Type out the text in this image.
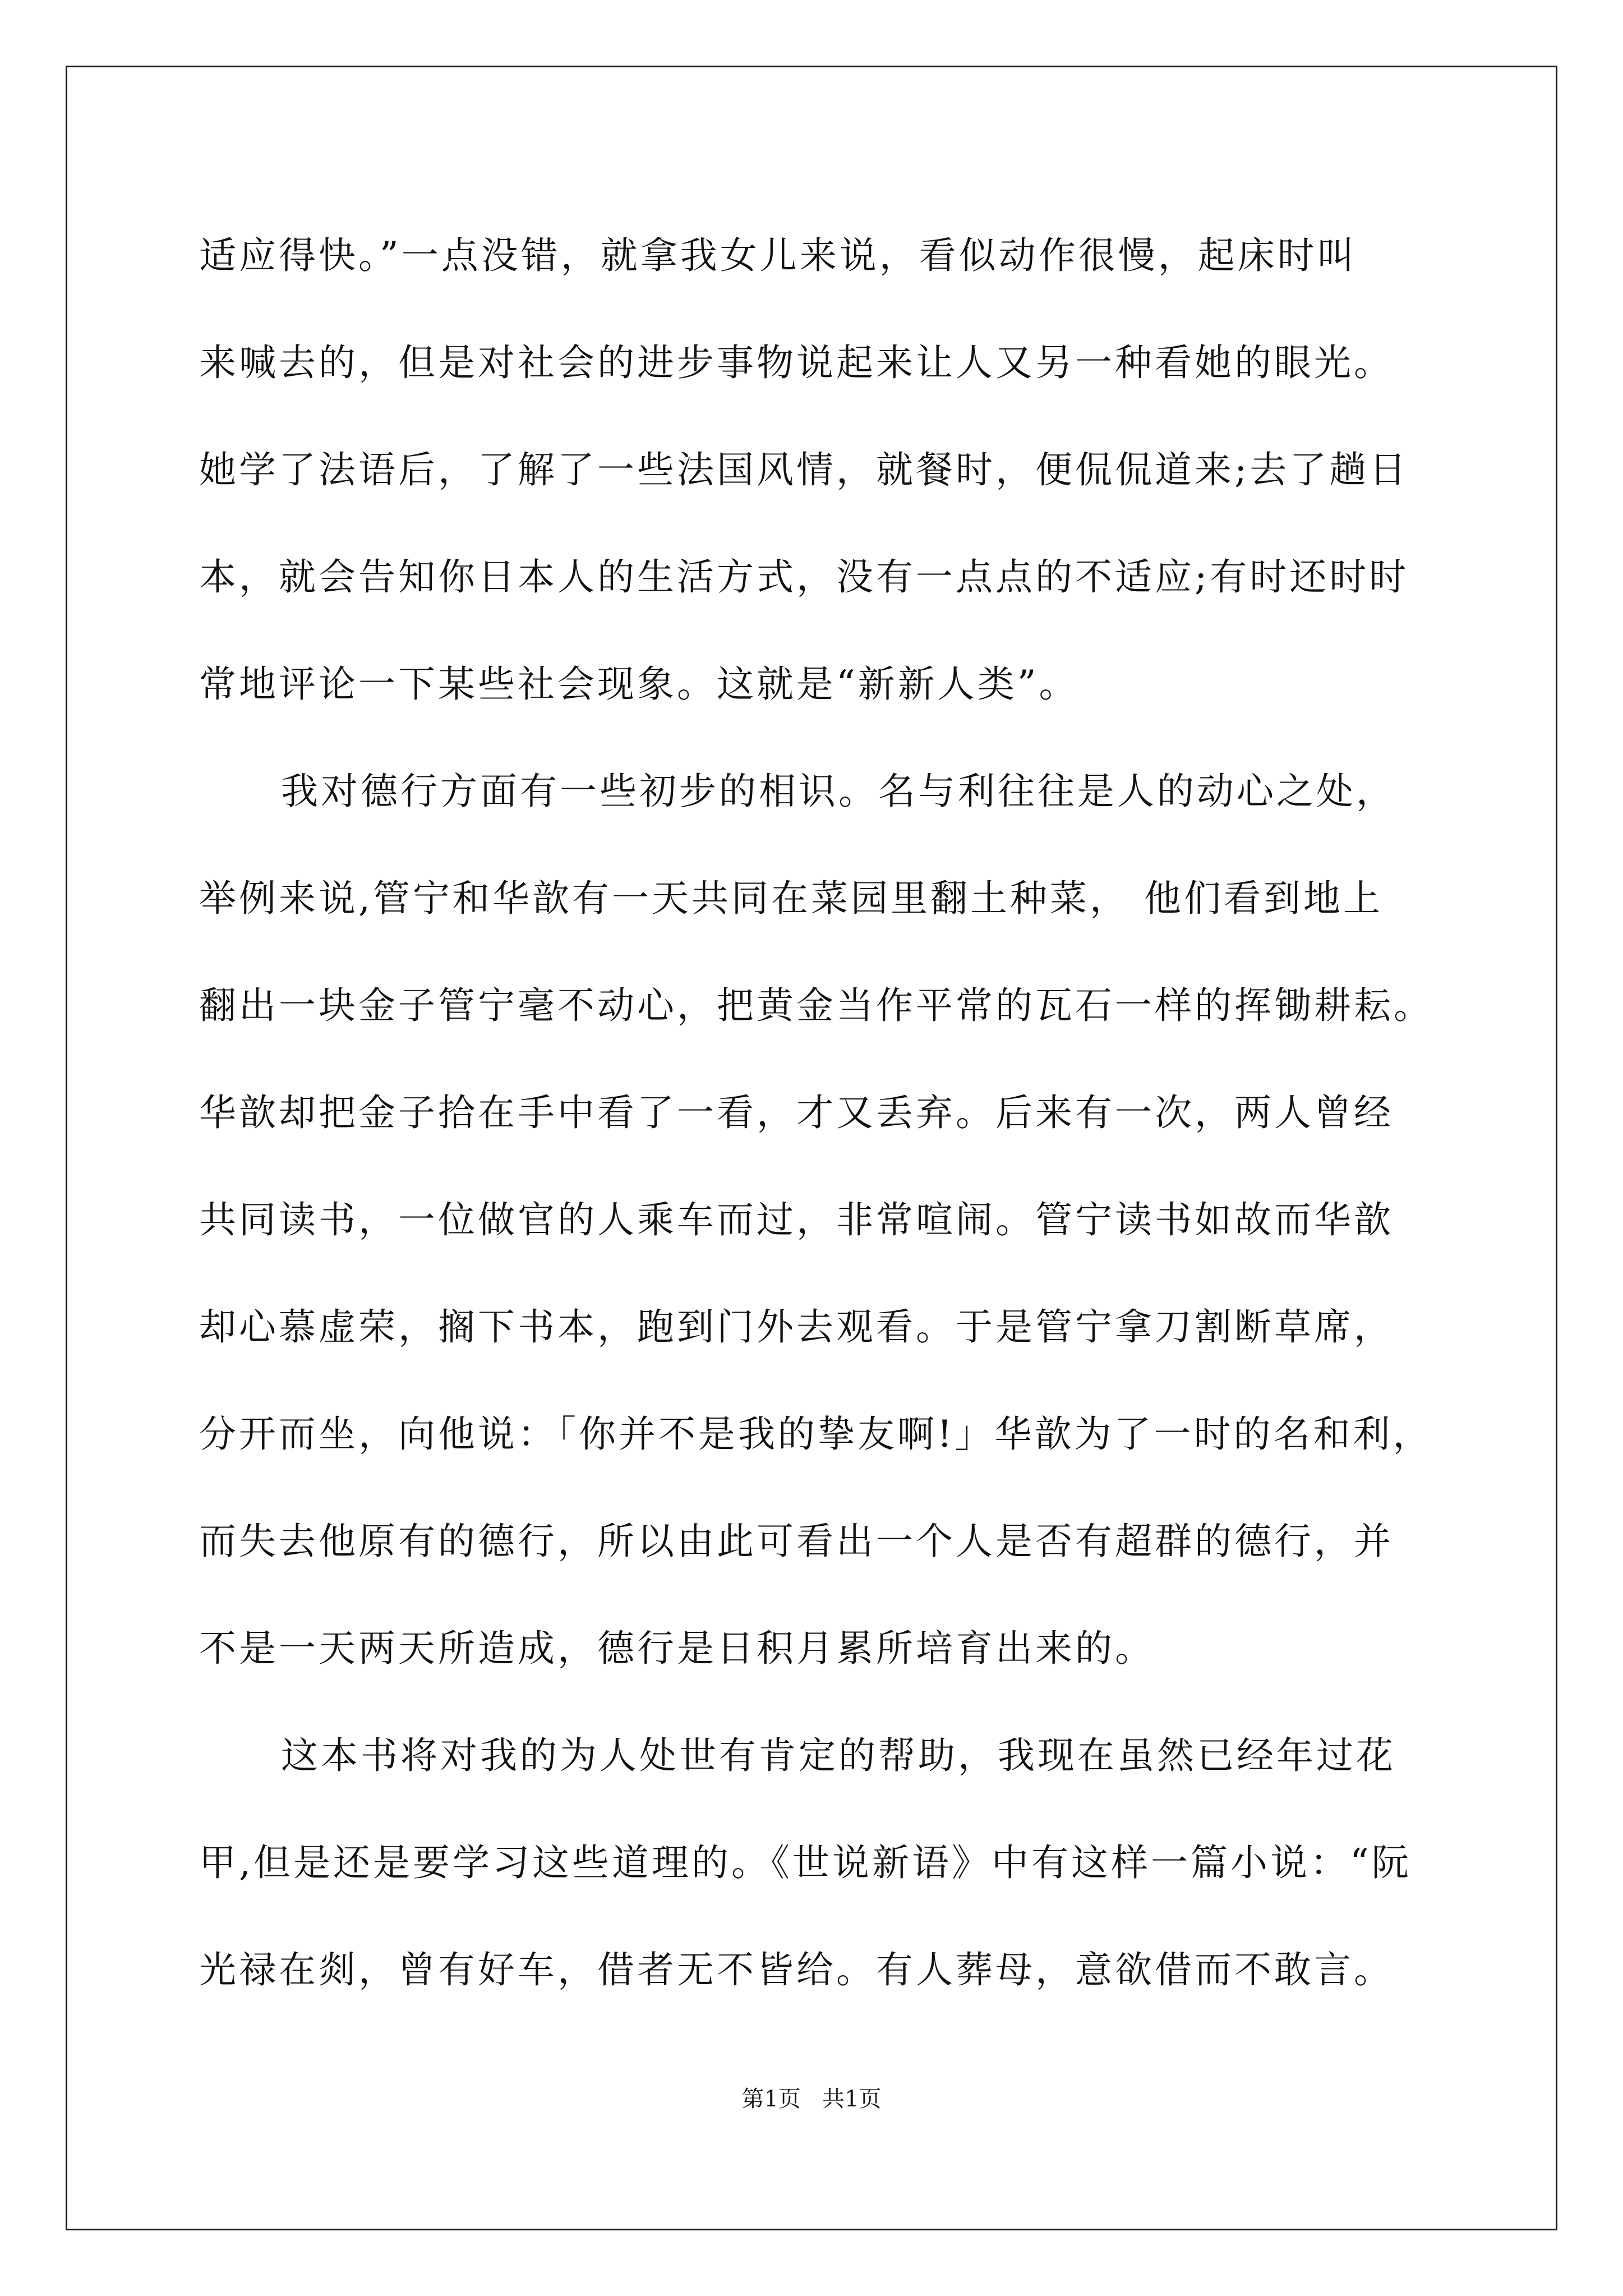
适应得快。”一点没错，就拿我女儿来说，看似动作很慢，起床时叫
来喊去的，但是对社会的进步事物说起来让人又另一种看她的眼光。
她学了法语后，了解了一些法国风情，就餐时，便侃侃道来;去了趟日
本，就会告知你日本人的生活方式，没有一点点的不适应;有时还时时
常地评论一下某些社会现象。这就是“新新人类”。
我对德行方面有一些初步的相识。名与利往往是人的动心之处，
举例来说,管宁和华歆有一天共同在菜园里翻土种菜， 他们看到地上
翻出一块金子管宁毫不动心，把黄金当作平常的瓦石一样的挥锄耕耘。
华歆却把金子拾在手中看了一看，才又丢弃。后来有一次，两人曾经
共同读书，一位做官的人乘车而过，非常喧闹。管宁读书如故而华歆
却心慕虚荣，搁下书本，跑到门外去观看。于是管宁拿刀割断草席，
分开而坐，向他说：「你并不是我的挚友啊!」华歆为了一时的名和利，
而失去他原有的德行，所以由此可看出一个人是否有超群的德行，并
不是一天两天所造成，德行是日积月累所培育出来的。
这本书将对我的为人处世有肯定的帮助，我现在虽然已经年过花
甲,但是还是要学习这些道理的。《世说新语》中有这样一篇小说：“阮
光禄在剡，曾有好车，借者无不皆给。有人葬母，意欲借而不敢言。
第1页   共1页
